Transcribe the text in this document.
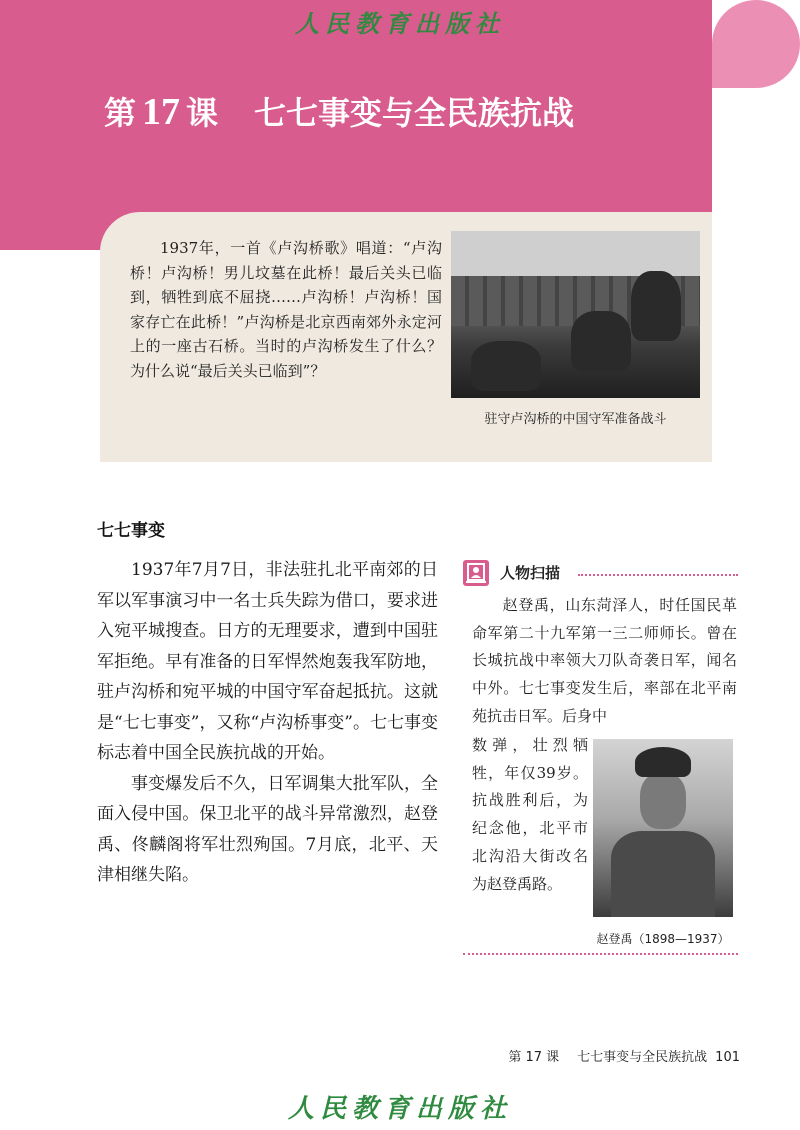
人民教育出版社
第 17 课 七七事变与全民族抗战
1937年，一首《卢沟桥歌》唱道：“卢沟桥！卢沟桥！男儿坟墓在此桥！最后关头已临到，牺牲到底不屈挠……卢沟桥！卢沟桥！国家存亡在此桥！”卢沟桥是北京西南郊外永定河上的一座古石桥。当时的卢沟桥发生了什么？为什么说“最后关头已临到”？
驻守卢沟桥的中国守军准备战斗
七七事变

1937年7月7日，非法驻扎北平南郊的日军以军事演习中一名士兵失踪为借口，要求进入宛平城搜查。日方的无理要求，遭到中国驻军拒绝。早有准备的日军悍然炮轰我军防地，驻卢沟桥和宛平城的中国守军奋起抵抗。这就是“七七事变”，又称“卢沟桥事变”。七七事变标志着中国全民族抗战的开始。

事变爆发后不久，日军调集大批军队，全面入侵中国。保卫北平的战斗异常激烈，赵登禹、佟麟阁将军壮烈殉国。7月底，北平、天津相继失陷。

人物扫描
赵登禹，山东菏泽人，时任国民革命军第二十九军第一三二师师长。曾在长城抗战中率领大刀队奇袭日军，闻名中外。七七事变发生后，率部在北平南苑抗击日军。后身中
数弹，壮烈牺牲，年仅39岁。抗战胜利后，为纪念他，北平市北沟沿大街改名为赵登禹路。
赵登禹（1898—1937）
第 17 课 七七事变与全民族抗战 101
人民教育出版社
